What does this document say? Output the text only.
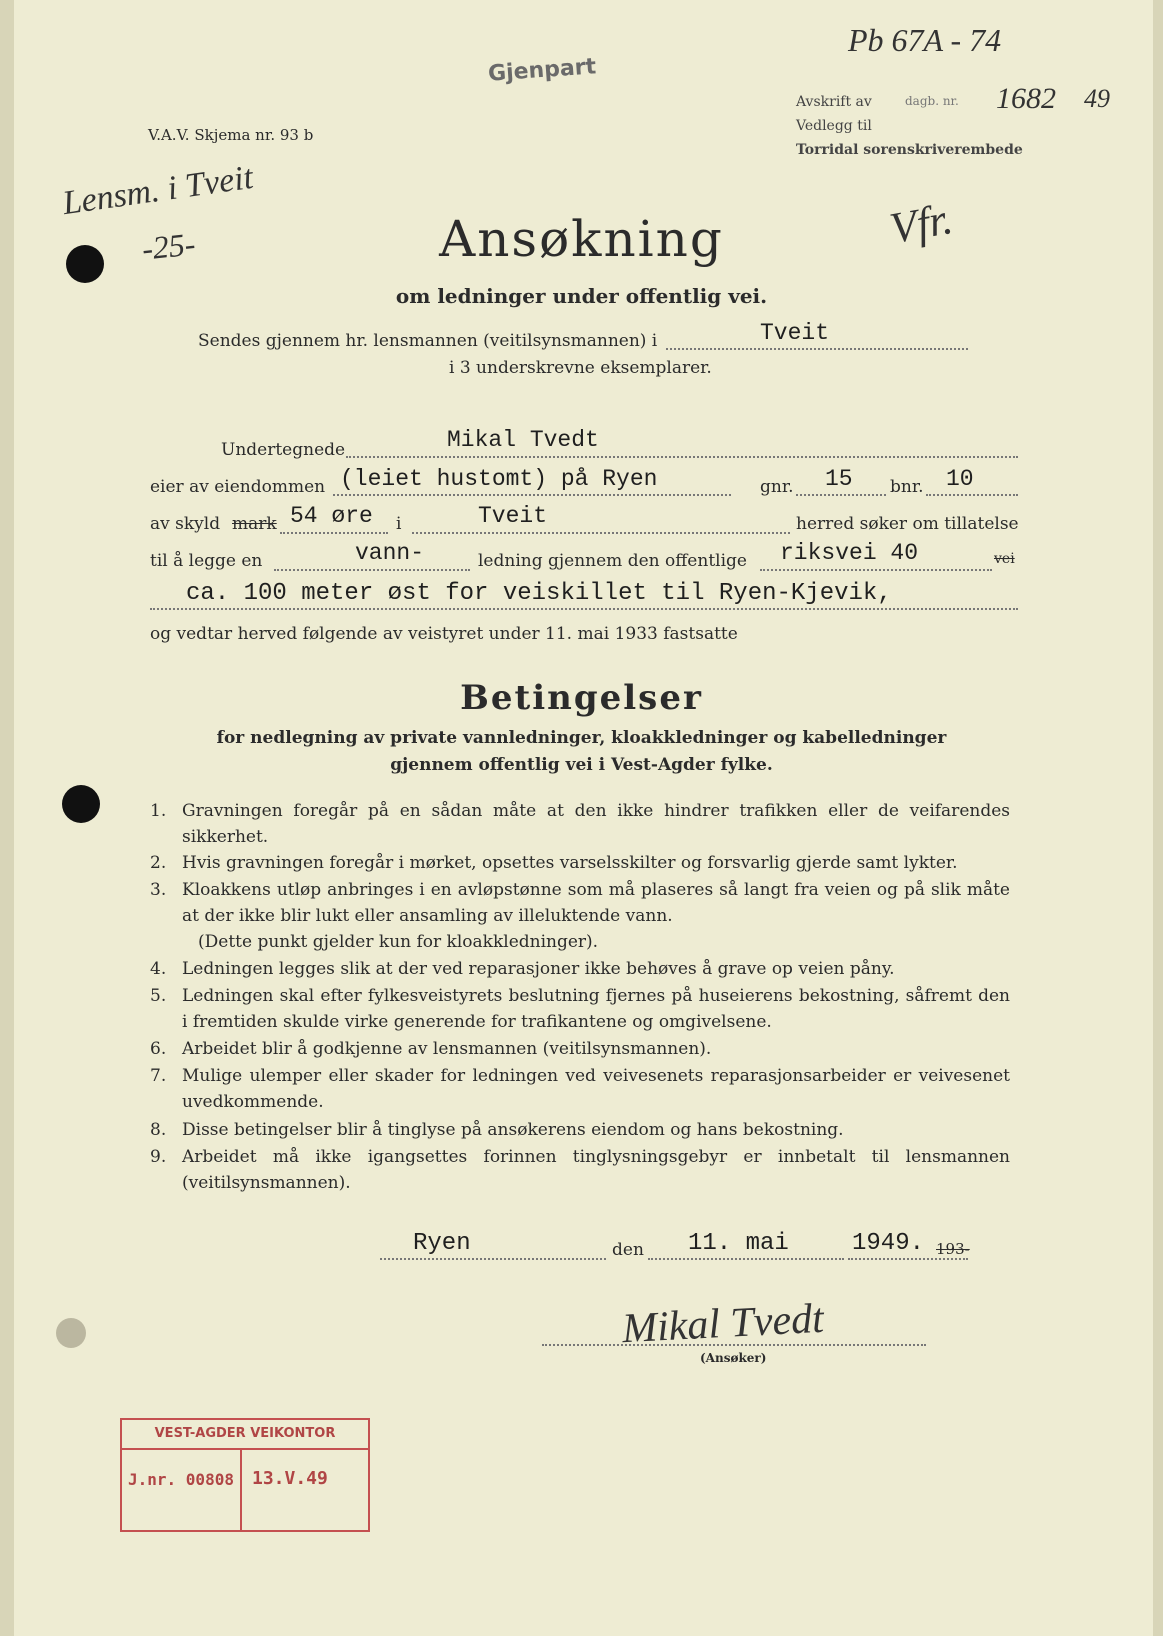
Pb 67A - 74
Gjenpart
Avskrift av
Vedlegg til
Torridal sorenskriverembede
dagb. nr. 1682 49
V.A.V. Skjema nr. 93 b
Lensm. i Tveit
-25-	Vfr.
Ansøkning
om ledninger under offentlig vei.
Sendes gjennem hr. lensmannen (veitilsynsmannen) i	Tveit
i 3 underskrevne eksemplarer.
Undertegnede	Mikal Tvedt
eier av eiendommen (leiet hustomt) på Ryen	gnr. 15 bnr. 10
av skyld mark 54 øre i	Tveit	herred søker om tillatelse
til å legge en	vann-	ledning gjennem den offentlige riksvei 40	vei
ca. 100 meter øst for veiskillet til Ryen-Kjevik,
og vedtar herved følgende av veistyret under 11. mai 1933 fastsatte
Betingelser
for nedlegning av private vannledninger, kloakkledninger og kabelledninger
gjennem offentlig vei i Vest-Agder fylke.
1. Gravningen foregår på en sådan måte at den ikke hindrer trafikken eller de veifarendes sikkerhet.
2. Hvis gravningen foregår i mørket, opsettes varselsskilter og forsvarlig gjerde samt lykter.
3. Kloakkens utløp anbringes i en avløpstønne som må plaseres så langt fra veien og på slik måte at der ikke blir lukt eller ansamling av illeluktende vann.
(Dette punkt gjelder kun for kloakkledninger).
4. Ledningen legges slik at der ved reparasjoner ikke behøves å grave op veien påny.
5. Ledningen skal efter fylkesveistyrets beslutning fjernes på huseierens bekostning, såfremt den i fremtiden skulde virke generende for trafikantene og omgivelsene.
6. Arbeidet blir å godkjenne av lensmannen (veitilsynsmannen).
7. Mulige ulemper eller skader for ledningen ved veivesenets reparasjonsarbeider er veivesenet uvedkommende.
8. Disse betingelser blir å tinglyse på ansøkerens eiendom og hans bekostning.
9. Arbeidet må ikke igangsettes forinnen tinglysningsgebyr er innbetalt til lensmannen (veitilsynsmannen).
Ryen	den 11. mai	1949. 193-
Mikal Tvedt
(Ansøker)
VEST-AGDER VEIKONTOR
J.nr. 00808 13.V.49
